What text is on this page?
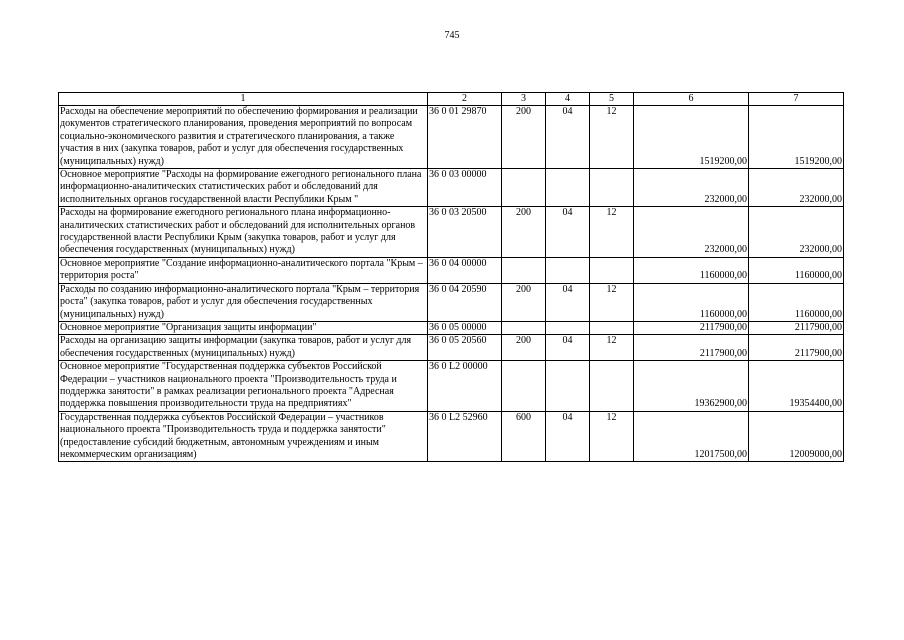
745
1	2	3	4	5	6	7
Расходы на обеспечение мероприятий по обеспечению формирования и реализации документов стратегического планирования, проведения мероприятий по вопросам социально-экономического развития и стратегического планирования, а также участия в них (закупка товаров, работ и услуг для обеспечения государственных (муниципальных) нужд)	36 0 01 29870	200	04	12	1519200,00	1519200,00
Основное мероприятие "Расходы на формирование ежегодного регионального плана информационно-аналитических статистических работ и обследований для исполнительных органов государственной власти Республики Крым "	36 0 03 00000				232000,00	232000,00
Расходы на формирование ежегодного регионального плана информационно-аналитических статистических работ и обследований для исполнительных органов государственной власти Республики Крым (закупка товаров, работ и услуг для обеспечения государственных (муниципальных) нужд)	36 0 03 20500	200	04	12	232000,00	232000,00
Основное мероприятие "Создание информационно-аналитического портала "Крым – территория роста"	36 0 04 00000				1160000,00	1160000,00
Расходы по созданию информационно-аналитического портала "Крым – территория роста" (закупка товаров, работ и услуг для обеспечения государственных (муниципальных) нужд)	36 0 04 20590	200	04	12	1160000,00	1160000,00
Основное мероприятие "Организация защиты информации"	36 0 05 00000				2117900,00	2117900,00
Расходы на организацию защиты информации (закупка товаров, работ и услуг для обеспечения государственных (муниципальных) нужд)	36 0 05 20560	200	04	12	2117900,00	2117900,00
Основное мероприятие "Государственная поддержка субъектов Российской Федерации – участников национального проекта "Производительность труда и поддержка занятости" в рамках реализации регионального проекта "Адресная поддержка повышения производительности труда на предприятиях"	36 0 L2 00000				19362900,00	19354400,00
Государственная поддержка субъектов Российской Федерации – участников национального проекта "Производительность труда и поддержка занятости" (предоставление субсидий бюджетным, автономным учреждениям и иным некоммерческим организациям)	36 0 L2 52960	600	04	12	12017500,00	12009000,00
